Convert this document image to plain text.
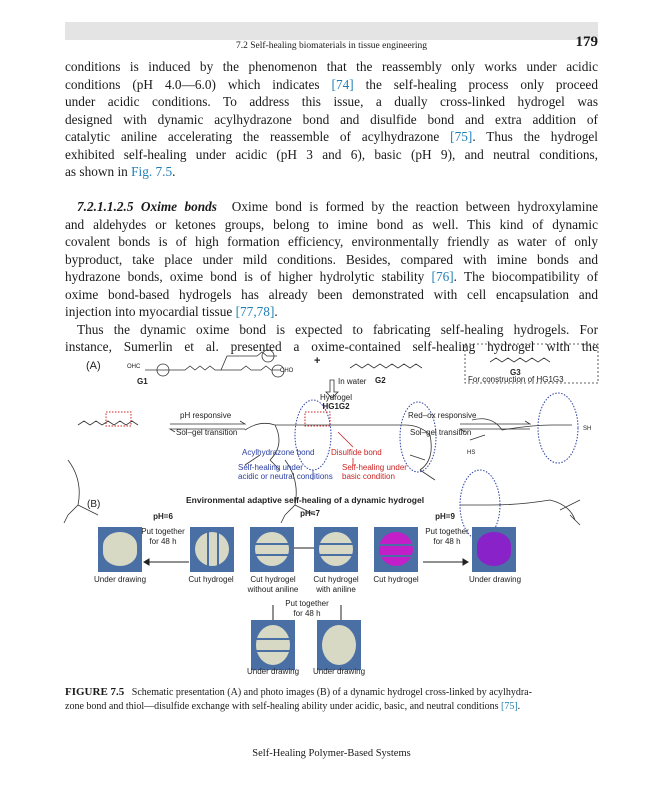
7.2 Self-healing biomaterials in tissue engineering	179
conditions is induced by the phenomenon that the reassembly only works under acidic
conditions (pH 4.0—6.0) which indicates [74] the self-healing process only proceed
under acidic conditions. To address this issue, a dually cross-linked hydrogel was
designed with dynamic acylhydrazone bond and disulfide bond and extra addition of
catalytic aniline accelerating the reassemble of acylhydrazone [75]. Thus the hydrogel
exhibited self-healing under acidic (pH 3 and 6), basic (pH 9), and neutral conditions,
as shown in Fig. 7.5.
7.2.1.1.2.5 Oxime bonds Oxime bond is formed by the reaction between hydroxylamine
and aldehydes or ketones groups, belong to imine bond as well. This kind of dynamic
covalent bonds is of high formation efficiency, environmentally friendly as water of only
byproduct, take place under mild conditions. Besides, compared with imine bonds and
hydrazone bonds, oxime bond is of higher hydrolytic stability [76]. The biocompatibility of
oxime bond-based hydrogels has already been demonstrated with cell encapsulation and
injection into myocardial tissue [77,78].
Thus the dynamic oxime bond is expected to fabricating self-healing hydrogels. For
instance, Sumerlin et al. presented a oxime-contained self-healing hydrogel with the
(A)	OHC
CHO
G1
+
G2
G3
For construction of HG1G3
In water
Hydrogel
HG1G2
pH responsive
Sol–gel transition
Red–ox responsive
Sol–gel transition	SH
HS
Acylhydrazone bond
Self-healing under
acidic or neutral conditions
Disulfide bond
Self-healing under
basic condition
(B)	Environmental adaptive self-healing of a dynamic hydrogel
pH=6	pH=7	pH=9
Put together
for 48 h
Put together
for 48 h
Put together
for 48 h
Under drawing	Cut hydrogel	Cut hydrogel
without aniline
Cut hydrogel
with aniline
Cut hydrogel	Under drawing
Under drawing Under drawing
FIGURE 7.5 Schematic presentation (A) and photo images (B) of a dynamic hydrogel cross-linked by acylhydra-
zone bond and thiol—disulfide exchange with self-healing ability under acidic, basic, and neutral conditions [75].
Self-Healing Polymer-Based Systems
